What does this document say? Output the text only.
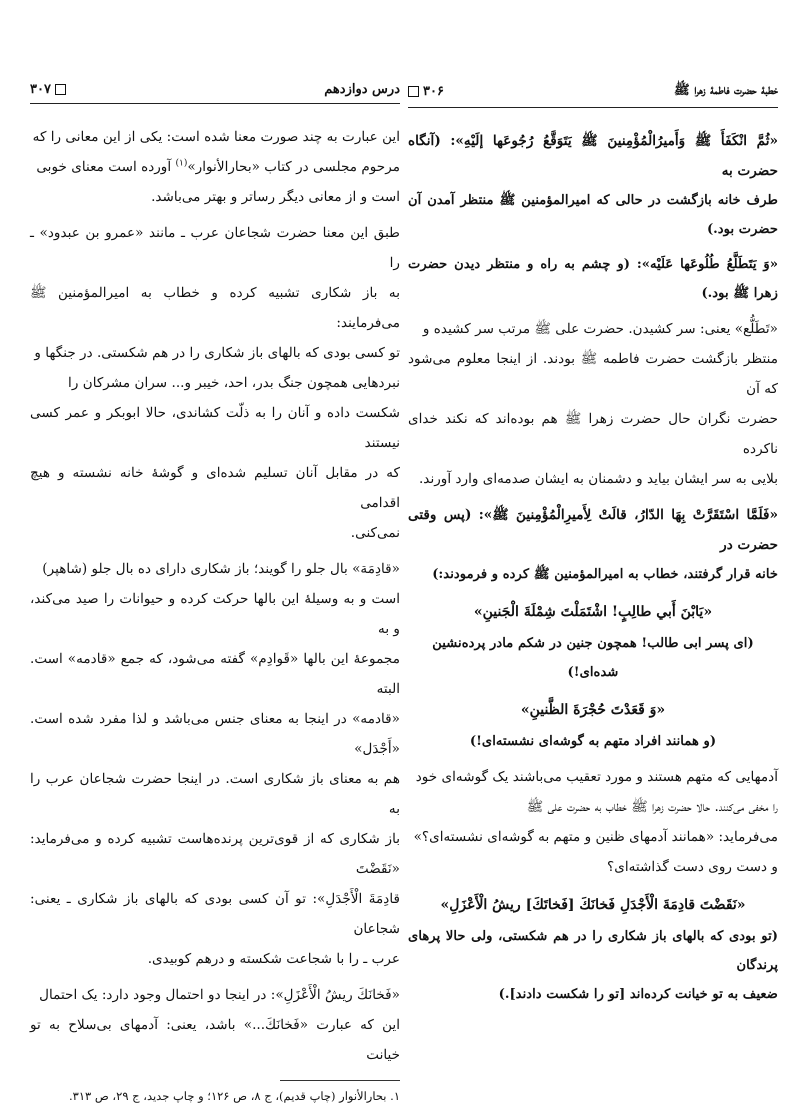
خطبهٔ حضرت فاطمهٔ زهرا ﷺ
۳۰۶

«ثُمَّ انْكَفَأَ ﷺ وَأَميرُالْمُؤْمِنينَ ﷺ يَتَوَقَّعُ رُجُوعَها إلَيْهِ»: (آنگاه حضرت به

طرف خانه بازگشت در حالی که امیرالمؤمنین ﷺ منتظر آمدن آن حضرت بود.)

«وَ يَتَطَلَّعُ طُلُوعَها عَلَيْه»: (و چشم به راه و منتظر دیدن حضرت زهرا ﷺ بود.)

«تَطَلُّع» یعنی: سر کشیدن. حضرت علی ﷺ مرتب سر کشیده و

منتظر بازگشت حضرت فاطمه ﷺ بودند. از اینجا معلوم می‌شود که آن

حضرت نگران حال حضرت زهرا ﷺ هم بوده‌اند که نکند خدای ناکرده

بلایی به سر ایشان بیاید و دشمنان به ایشان صدمه‌ای وارد آورند.

«فَلَمَّا اسْتَقَرَّتْ بِهَا الدّارُ، قالَتْ لِأَميرِالْمُؤْمِنينَ ﷺ»: (پس وقتی حضرت در

خانه قرار گرفتند، خطاب به امیرالمؤمنین ﷺ کرده و فرمودند:)

«يَابْنَ أَبي طالِبٍ! اشْتَمَلْتَ شِمْلَةَ الْجَنينِ»

(ای پسر ابی طالب! همچون جنین در شکم مادر پرده‌نشین شده‌ای!)

«وَ قَعَدْتَ حُجْرَةَ الظَّنينِ»

(و همانند افراد متهم به گوشه‌ای نشسته‌ای!)

آدمهایی که متهم هستند و مورد تعقیب می‌باشند یک گوشه‌ای خود

را مخفی می‌کنند. حالا حضرت زهرا ﷺ خطاب به حضرت علی ﷺ

می‌فرماید: «همانند آدمهای ظنین و متهم به گوشه‌ای نشسته‌ای؟»

و دست روی دست گذاشته‌ای؟

«نَقَضْتَ قادِمَةَ الْأَجْدَلِ فَخانَكَ [فَخاتَكَ] ريشُ الْأَعْزَلِ»

(تو بودی که بالهای باز شکاری را در هم شکستی، ولی حالا پرهای پرندگان

ضعیف به تو خیانت کرده‌اند [تو را شکست دادند].)

درس دوازدهم
۳۰۷

این عبارت به چند صورت معنا شده است: یکی از این معانی را که

مرحوم مجلسی در کتاب «بحارالأنوار»$^{(۱)}$ آورده است معنای خوبی

است و از معانی دیگر رساتر و بهتر می‌باشد.

طبق این معنا حضرت شجاعان عرب ـ مانند «عمرو بن عبدود» ـ را

به باز شکاری تشبیه کرده و خطاب به امیرالمؤمنین ﷺ می‌فرمایند:

تو کسی بودی که بالهای باز شکاری را در هم شکستی. در جنگها و

نبردهایی همچون جنگ بدر، احد، خیبر و... سران مشرکان را

شکست داده و آنان را به ذلّت کشاندی، حالا ابوبکر و عمر کسی نیستند

که در مقابل آنان تسلیم شده‌ای و گوشهٔ خانه نشسته و هیچ اقدامی

نمی‌کنی.

«قادِمَة» بال جلو را گویند؛ باز شکاری دارای ده بال جلو (شاهپر)

است و به وسیلهٔ این بالها حرکت کرده و حیوانات را صید می‌کند، و به

مجموعهٔ این بالها «قَوادِم» گفته می‌شود، که جمع «قادمه» است. البته

«قادمه» در اینجا به معنای جنس می‌باشد و لذا مفرد شده است. «أَجْدَل»

هم به معنای باز شکاری است. در اینجا حضرت شجاعان عرب را به

باز شکاری که از قوی‌ترین پرنده‌هاست تشبیه کرده و می‌فرماید: «نَقَضْتَ

قادِمَةَ الْأَجْدَلِ»: تو آن کسی بودی که بالهای باز شکاری ـ یعنی: شجاعان

عرب ـ را با شجاعت شکسته و درهم کوبیدی.

«فَخانَكَ ريشُ الْأَعْزَلِ»: در اینجا دو احتمال وجود دارد: یک احتمال

این که عبارت «فَخانَكَ...» باشد، یعنی: آدمهای بی‌سلاح به تو خیانت

۱. بحارالأنوار (چاپ قدیم)، ج ۸، ص ۱۲۶؛ و چاپ جدید، ج ۲۹، ص ۳۱۳.
